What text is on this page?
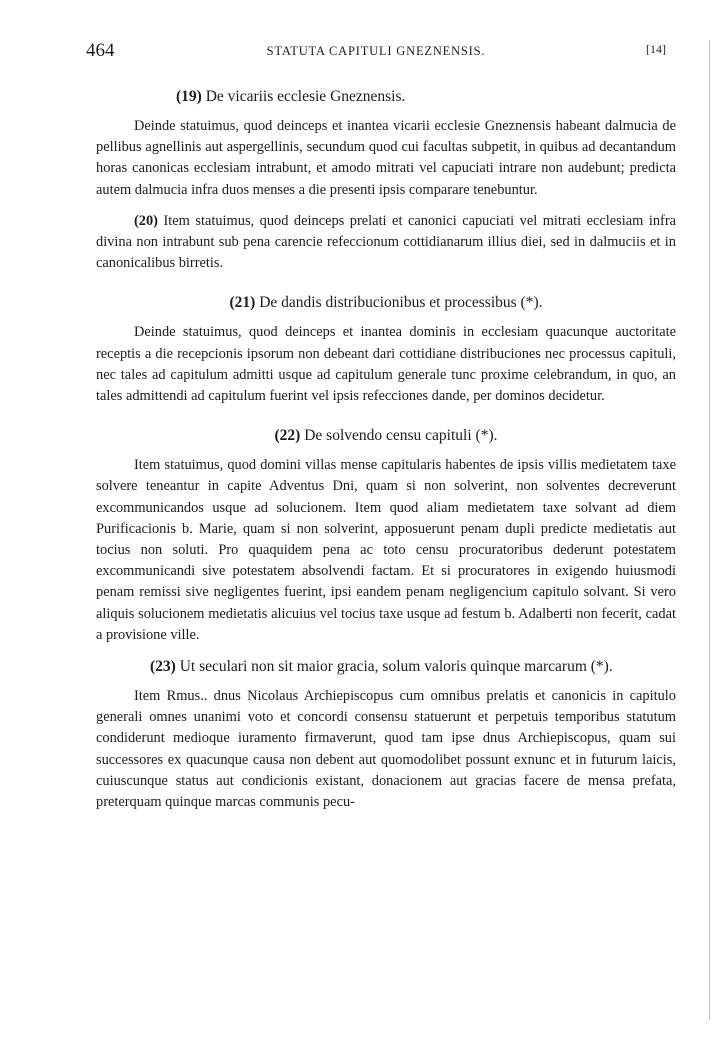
464	STATUTA CAPITULI GNEZNENSIS.	[14]
(19) De vicariis ecclesie Gneznensis.

Deinde statuimus, quod deinceps et inantea vicarii ecclesie Gneznensis habeant dalmucia de pellibus agnellinis aut aspergellinis, secundum quod cui facultas subpetit, in quibus ad decantandum horas canonicas ecclesiam intrabunt, et amodo mitrati vel capuciati intrare non audebunt; predicta autem dalmucia infra duos menses a die presenti ipsis comparare tenebuntur.

(20) Item statuimus, quod deinceps prelati et canonici capuciati vel mitrati ecclesiam infra divina non intrabunt sub pena carencie refeccionum cottidianarum illius diei, sed in dalmuciis et in canonicalibus birretis.

(21) De dandis distribucionibus et processibus (*).

Deinde statuimus, quod deinceps et inantea dominis in ecclesiam quacunque auctoritate receptis a die recepcionis ipsorum non debeant dari cottidiane distribuciones nec processus capituli, nec tales ad capitulum admitti usque ad capitulum generale tunc proxime celebrandum, in quo, an tales admittendi ad capitulum fuerint vel ipsis refecciones dande, per dominos decidetur.

(22) De solvendo censu capituli (*).

Item statuimus, quod domini villas mense capitularis habentes de ipsis villis medietatem taxe solvere teneantur in capite Adventus Dni, quam si non solverint, non solventes decreverunt excommunicandos usque ad solucionem. Item quod aliam medietatem taxe solvant ad diem Purificacionis b. Marie, quam si non solverint, apposuerunt penam dupli predicte medietatis aut tocius non soluti. Pro quaquidem pena ac toto censu procuratoribus dederunt potestatem excommunicandi sive potestatem absolvendi factam. Et si procuratores in exigendo huiusmodi penam remissi sive negligentes fuerint, ipsi eandem penam negligencium capitulo solvant. Si vero aliquis solucionem medietatis alicuius vel tocius taxe usque ad festum b. Adalberti non fecerit, cadat a provisione ville.

(23) Ut seculari non sit maior gracia, solum valoris quinque marcarum (*).

Item Rmus.. dnus Nicolaus Archiepiscopus cum omnibus prelatis et canonicis in capitulo generali omnes unanimi voto et concordi consensu statuerunt et perpetuis temporibus statutum condiderunt medioque iuramento firmaverunt, quod tam ipse dnus Archiepiscopus, quam sui successores ex quacunque causa non debent aut quomodolibet possunt exnunc et in futurum laicis, cuiuscunque status aut condicionis existant, donacionem aut gracias facere de mensa prefata, preterquam quinque marcas communis pecu-
